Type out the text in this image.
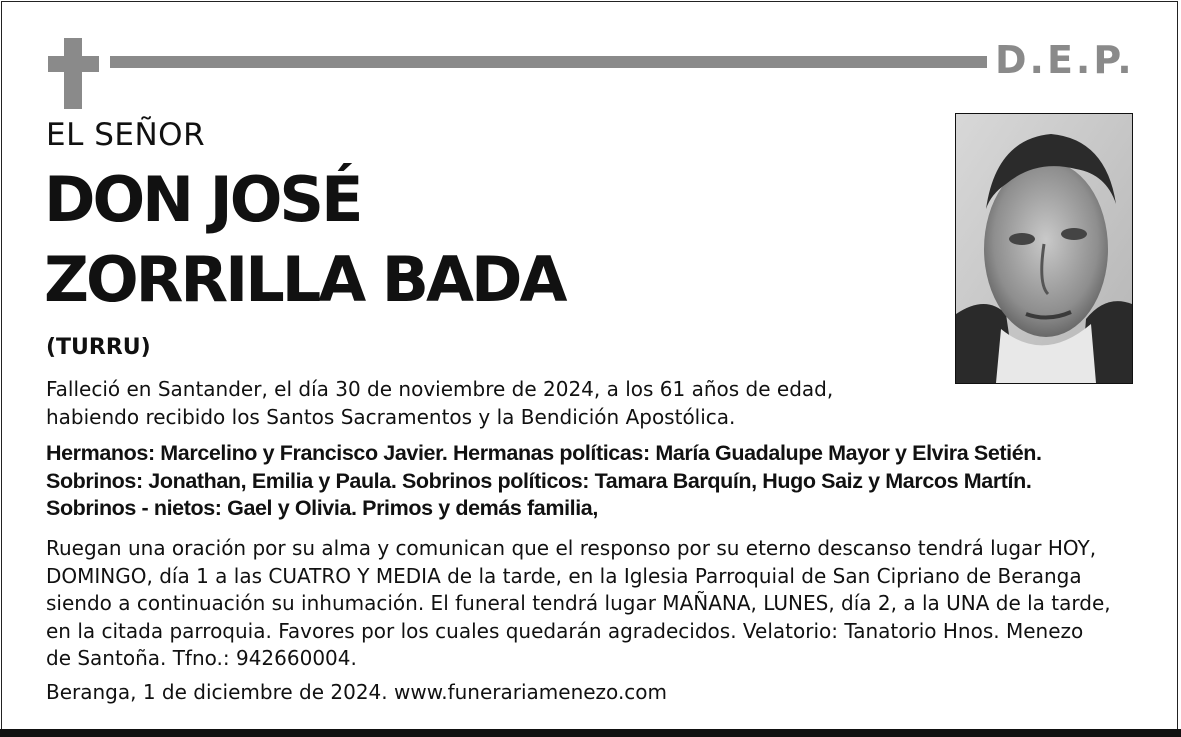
D.E.P.
EL SEÑOR
DON JOSÉ
ZORRILLA BADA
(TURRU)
Falleció en Santander, el día 30 de noviembre de 2024, a los 61 años de edad,
habiendo recibido los Santos Sacramentos y la Bendición Apostólica.
Hermanos: Marcelino y Francisco Javier. Hermanas políticas: María Guadalupe Mayor y Elvira Setién.
Sobrinos: Jonathan, Emilia y Paula. Sobrinos políticos: Tamara Barquín, Hugo Saiz y Marcos Martín.
Sobrinos - nietos: Gael y Olivia. Primos y demás familia,
Ruegan una oración por su alma y comunican que el responso por su eterno descanso tendrá lugar HOY,
DOMINGO, día 1 a las CUATRO Y MEDIA de la tarde, en la Iglesia Parroquial de San Cipriano de Beranga
siendo a continuación su inhumación. El funeral tendrá lugar MAÑANA, LUNES, día 2, a la UNA de la tarde,
en la citada parroquia. Favores por los cuales quedarán agradecidos. Velatorio: Tanatorio Hnos. Menezo
de Santoña. Tfno.: 942660004.
Beranga, 1 de diciembre de 2024. www.funerariamenezo.com
